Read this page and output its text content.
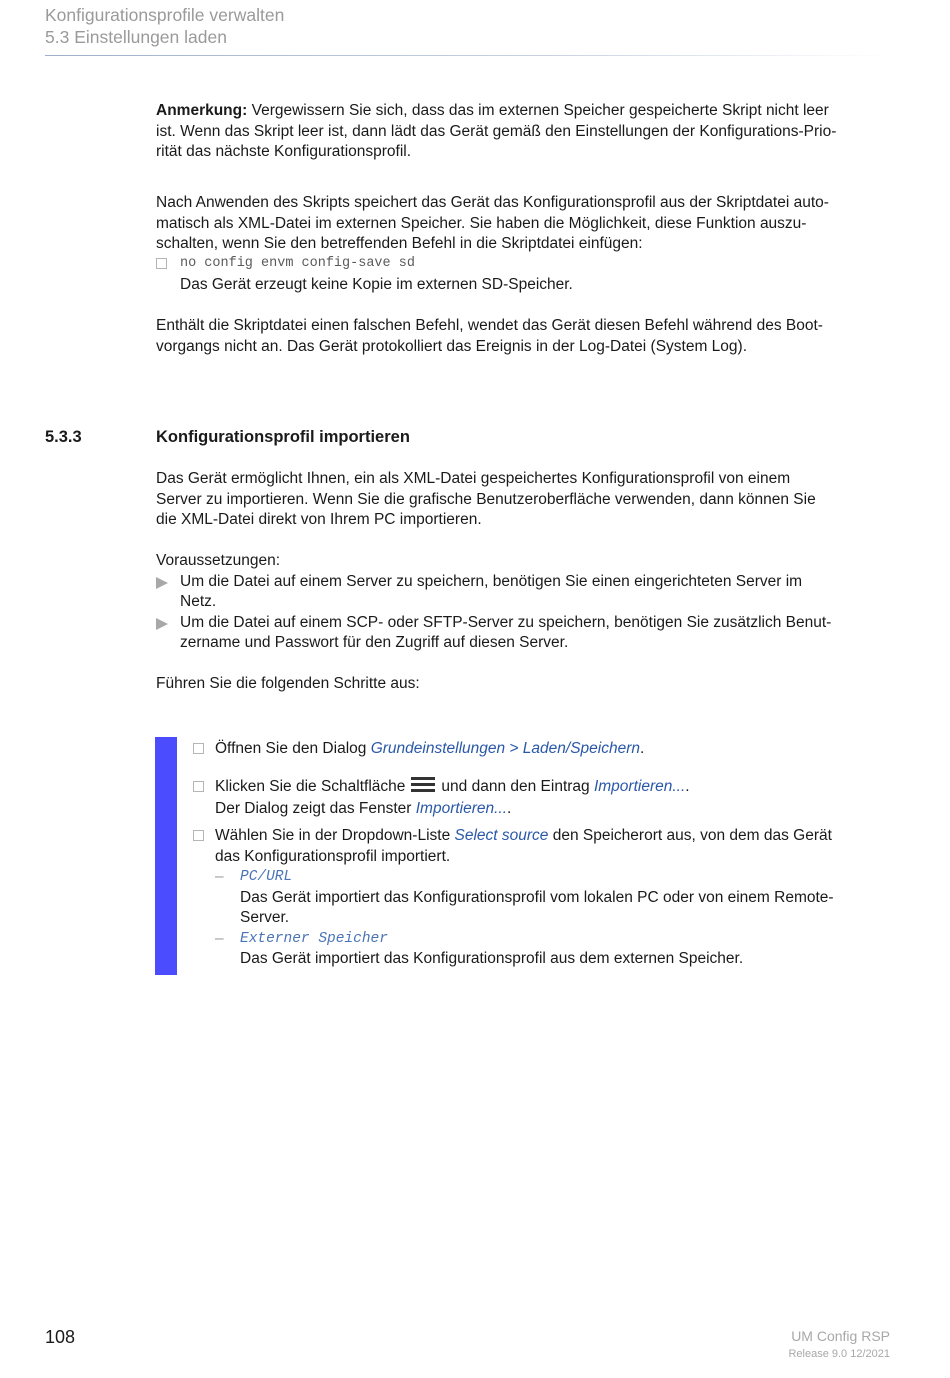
Konfigurationsprofile verwalten
5.3 Einstellungen laden

Anmerkung: Vergewissern Sie sich, dass das im externen Speicher gespeicherte Skript nicht leer

ist. Wenn das Skript leer ist, dann lädt das Gerät gemäß den Einstellungen der Konfigurations-Prio-

rität das nächste Konfigurationsprofil.

Nach Anwenden des Skripts speichert das Gerät das Konfigurationsprofil aus der Skriptdatei auto-

matisch als XML-Datei im externen Speicher. Sie haben die Möglichkeit, diese Funktion auszu-

schalten, wenn Sie den betreffenden Befehl in die Skriptdatei einfügen:

no config envm config-save sd
Das Gerät erzeugt keine Kopie im externen SD-Speicher.

Enthält die Skriptdatei einen falschen Befehl, wendet das Gerät diesen Befehl während des Boot-

vorgangs nicht an. Das Gerät protokolliert das Ereignis in der Log-Datei (System Log).

5.3.3	Konfigurationsprofil importieren

Das Gerät ermöglicht Ihnen, ein als XML-Datei gespeichertes Konfigurationsprofil von einem

Server zu importieren. Wenn Sie die grafische Benutzeroberfläche verwenden, dann können Sie

die XML-Datei direkt von Ihrem PC importieren.

Voraussetzungen:

Um die Datei auf einem Server zu speichern, benötigen Sie einen eingerichteten Server im
Netz.
Um die Datei auf einem SCP- oder SFTP-Server zu speichern, benötigen Sie zusätzlich Benut-
zername und Passwort für den Zugriff auf diesen Server.
Führen Sie die folgenden Schritte aus:
Öffnen Sie den Dialog Grundeinstellungen > Laden/Speichern.
Klicken Sie die Schaltfläche und dann den Eintrag Importieren....
Der Dialog zeigt das Fenster Importieren....
Wählen Sie in der Dropdown-Liste Select source den Speicherort aus, von dem das Gerät
das Konfigurationsprofil importiert.
– PC/URL
Das Gerät importiert das Konfigurationsprofil vom lokalen PC oder von einem Remote-
Server.
– Externer Speicher
Das Gerät importiert das Konfigurationsprofil aus dem externen Speicher.
108	UM Config RSP
Release 9.0 12/2021
